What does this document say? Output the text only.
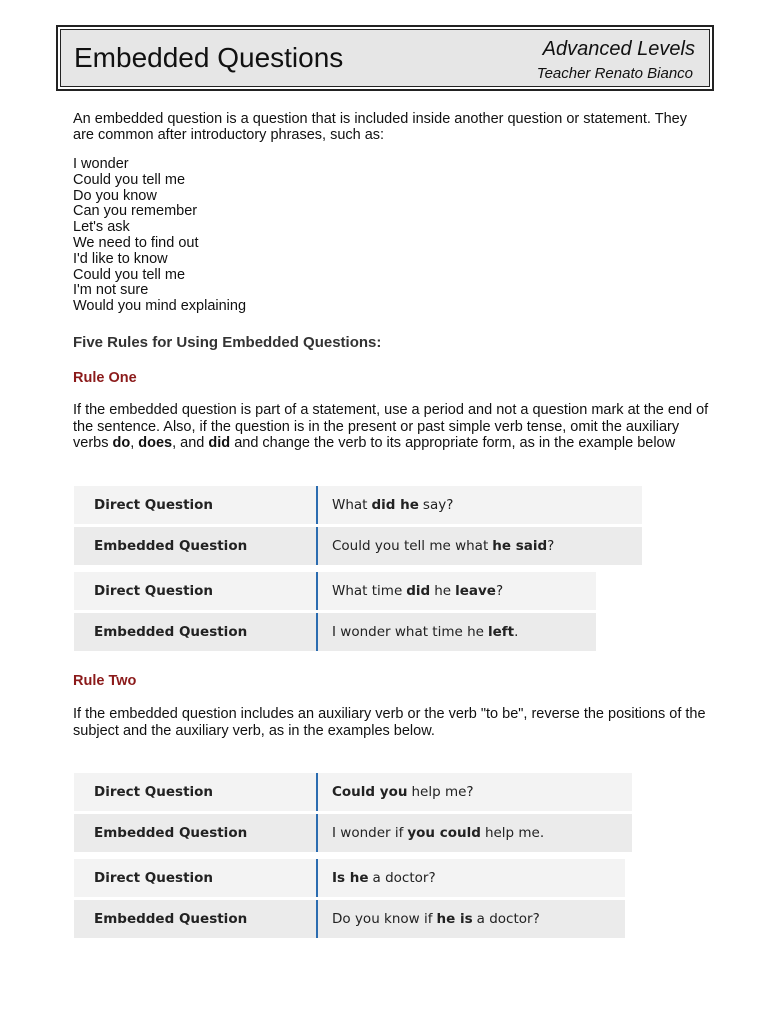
Embedded Questions	Advanced Levels
Teacher Renato Bianco
An embedded question is a question that is included inside another question or statement. They are common after introductory phrases, such as:
I wonder
Could you tell me
Do you know
Can you remember
Let's ask
We need to find out
I'd like to know
Could you tell me
I'm not sure
Would you mind explaining
Five Rules for Using Embedded Questions:
Rule One
If the embedded question is part of a statement, use a period and not a question mark at the end of the sentence. Also, if the question is in the present or past simple verb tense, omit the auxiliary verbs do, does, and did and change the verb to its appropriate form, as in the example below
Direct Question	What did he say?
Embedded Question	Could you tell me what he said ?
Direct Question	What time did he leave ?
Embedded Question	I wonder what time he left .
Rule Two
If the embedded question includes an auxiliary verb or the verb "to be", reverse the positions of the subject and the auxiliary verb, as in the examples below.
Direct Question	Could you help me?
Embedded Question	I wonder if you could help me.
Direct Question	Is he a doctor?
Embedded Question	Do you know if he is a doctor?
